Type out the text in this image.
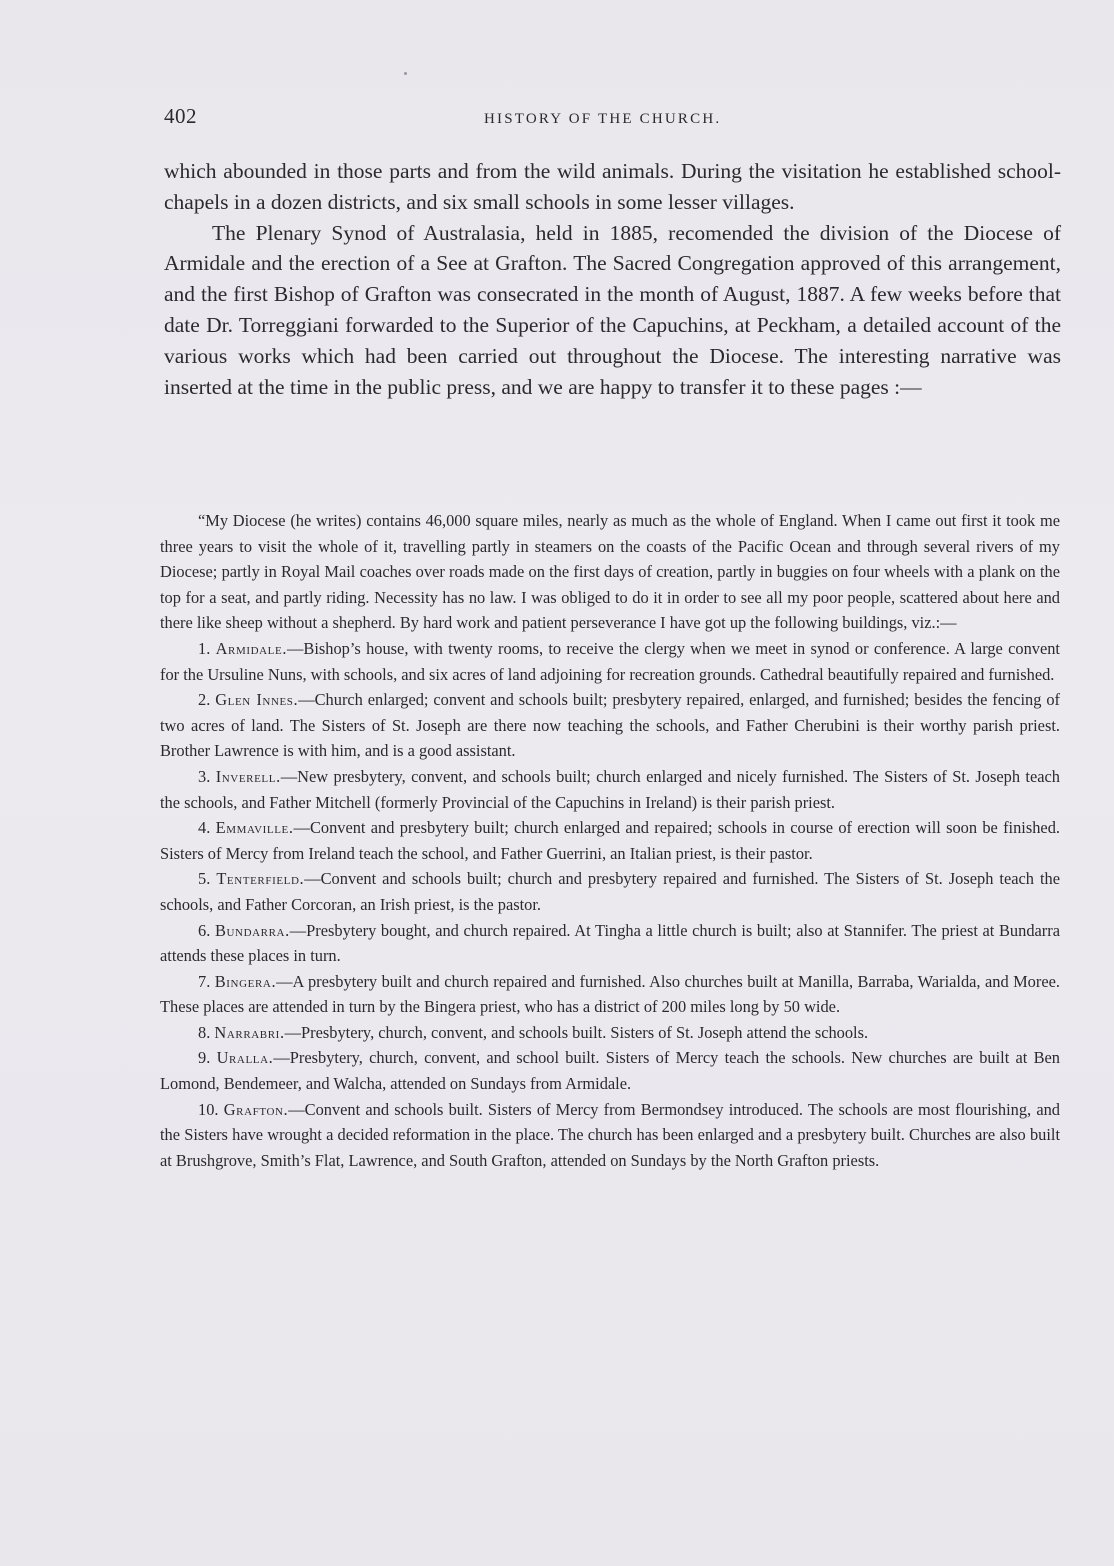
402	HISTORY OF THE CHURCH.

which abounded in those parts and from the wild animals. During the visitation he established school-chapels in a dozen districts, and six small schools in some lesser villages.

The Plenary Synod of Australasia, held in 1885, recomended the division of the Diocese of Armidale and the erection of a See at Grafton. The Sacred Congregation approved of this arrangement, and the first Bishop of Grafton was consecrated in the month of August, 1887. A few weeks before that date Dr. Torreggiani forwarded to the Superior of the Capuchins, at Peckham, a detailed account of the various works which had been carried out throughout the Diocese. The interesting narrative was inserted at the time in the public press, and we are happy to transfer it to these pages :—

“My Diocese (he writes) contains 46,000 square miles, nearly as much as the whole of England. When I came out first it took me three years to visit the whole of it, travelling partly in steamers on the coasts of the Pacific Ocean and through several rivers of my Diocese; partly in Royal Mail coaches over roads made on the first days of creation, partly in buggies on four wheels with a plank on the top for a seat, and partly riding. Necessity has no law. I was obliged to do it in order to see all my poor people, scattered about here and there like sheep without a shepherd. By hard work and patient perseverance I have got up the following buildings, viz.:—

1. Armidale.—Bishop’s house, with twenty rooms, to receive the clergy when we meet in synod or conference. A large convent for the Ursuline Nuns, with schools, and six acres of land adjoining for recreation grounds. Cathedral beautifully repaired and furnished.

2. Glen Innes.—Church enlarged; convent and schools built; presbytery repaired, enlarged, and furnished; besides the fencing of two acres of land. The Sisters of St. Joseph are there now teaching the schools, and Father Cherubini is their worthy parish priest. Brother Lawrence is with him, and is a good assistant.

3. Inverell.—New presbytery, convent, and schools built; church enlarged and nicely furnished. The Sisters of St. Joseph teach the schools, and Father Mitchell (formerly Provincial of the Capuchins in Ireland) is their parish priest.

4. Emmaville.—Convent and presbytery built; church enlarged and repaired; schools in course of erection will soon be finished. Sisters of Mercy from Ireland teach the school, and Father Guerrini, an Italian priest, is their pastor.

5. Tenterfield.—Convent and schools built; church and presbytery repaired and furnished. The Sisters of St. Joseph teach the schools, and Father Corcoran, an Irish priest, is the pastor.

6. Bundarra.—Presbytery bought, and church repaired. At Tingha a little church is built; also at Stannifer. The priest at Bundarra attends these places in turn.

7. Bingera.—A presbytery built and church repaired and furnished. Also churches built at Manilla, Barraba, Warialda, and Moree. These places are attended in turn by the Bingera priest, who has a district of 200 miles long by 50 wide.

8. Narrabri.—Presbytery, church, convent, and schools built. Sisters of St. Joseph attend the schools.

9. Uralla.—Presbytery, church, convent, and school built. Sisters of Mercy teach the schools. New churches are built at Ben Lomond, Bendemeer, and Walcha, attended on Sundays from Armidale.

10. Grafton.—Convent and schools built. Sisters of Mercy from Bermondsey introduced. The schools are most flourishing, and the Sisters have wrought a decided reformation in the place. The church has been enlarged and a presbytery built. Churches are also built at Brushgrove, Smith’s Flat, Lawrence, and South Grafton, attended on Sundays by the North Grafton priests.
